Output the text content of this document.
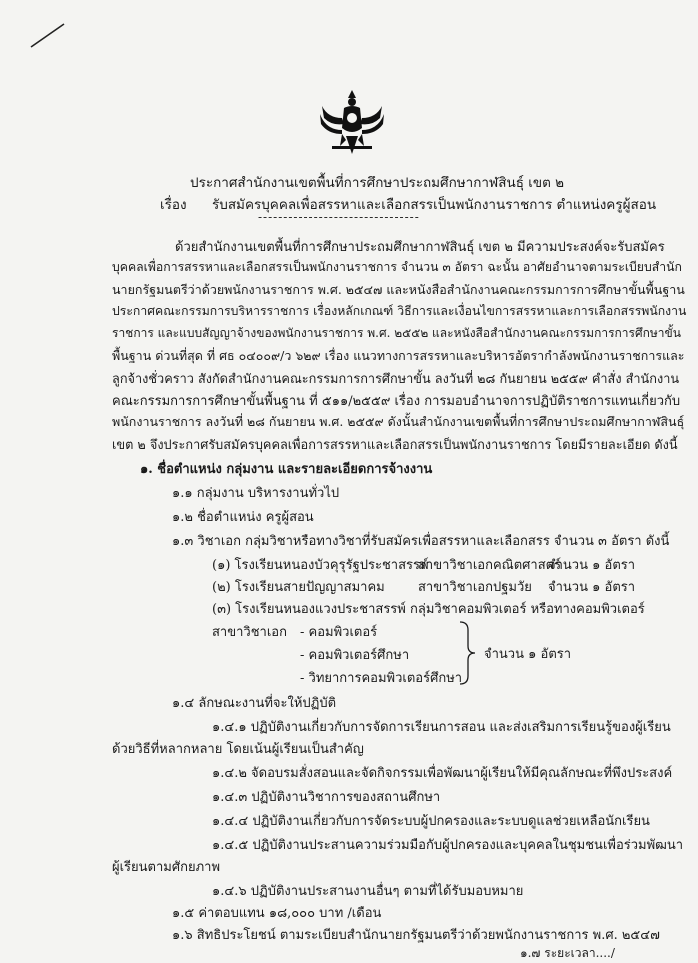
ประกาศสำนักงานเขตพื้นที่การศึกษาประถมศึกษากาฬสินธุ์ เขต ๒
เรื่อง รับสมัครบุคคลเพื่อสรรหาและเลือกสรรเป็นพนักงานราชการ ตำแหน่งครูผู้สอน
--------------------------------
ด้วยสำนักงานเขตพื้นที่การศึกษาประถมศึกษากาฬสินธุ์ เขต ๒ มีความประสงค์จะรับสมัคร
บุคคลเพื่อการสรรหาและเลือกสรรเป็นพนักงานราชการ จำนวน ๓ อัตรา ฉะนั้น อาศัยอำนาจตามระเบียบสำนัก
นายกรัฐมนตรีว่าด้วยพนักงานราชการ พ.ศ. ๒๕๔๗ และหนังสือสำนักงานคณะกรรมการการศึกษาขั้นพื้นฐาน
ประกาศคณะกรรมการบริหารราชการ เรื่องหลักเกณฑ์ วิธีการและเงื่อนไขการสรรหาและการเลือกสรรพนักงาน
ราชการ และแบบสัญญาจ้างของพนักงานราชการ พ.ศ. ๒๕๕๒ และหนังสือสำนักงานคณะกรรมการการศึกษาขั้น
พื้นฐาน ด่วนที่สุด ที่ ศธ ๐๔๐๐๙/ว ๖๒๙ เรื่อง แนวทางการสรรหาและบริหารอัตรากำลังพนักงานราชการและ
ลูกจ้างชั่วคราว สังกัดสำนักงานคณะกรรมการการศึกษาขั้น ลงวันที่ ๒๘ กันยายน ๒๕๕๙ คำสั่ง สำนักงาน
คณะกรรมการการศึกษาขั้นพื้นฐาน ที่ ๕๑๑/๒๕๕๙ เรื่อง การมอบอำนาจการปฏิบัติราชการแทนเกี่ยวกับ
พนักงานราชการ ลงวันที่ ๒๘ กันยายน พ.ศ. ๒๕๕๙ ดังนั้นสำนักงานเขตพื้นที่การศึกษาประถมศึกษากาฬสินธุ์
เขต ๒ จึงประกาศรับสมัครบุคคลเพื่อการสรรหาและเลือกสรรเป็นพนักงานราชการ โดยมีรายละเอียด ดังนี้
๑. ชื่อตำแหน่ง กลุ่มงาน และรายละเอียดการจ้างงาน
๑.๑ กลุ่มงาน บริหารงานทั่วไป
๑.๒ ชื่อตำแหน่ง ครูผู้สอน
๑.๓ วิชาเอก กลุ่มวิชาหรือทางวิชาที่รับสมัครเพื่อสรรหาและเลือกสรร จำนวน ๓ อัตรา ดังนี้
(๑) โรงเรียนหนองบัวคุรุรัฐประชาสรรพ์
สาขาวิชาเอกคณิตศาสตร์
จำนวน ๑ อัตรา
(๒) โรงเรียนสายปัญญาสมาคม	สาขาวิชาเอกปฐมวัย จำนวน ๑ อัตรา
(๓) โรงเรียนหนองแวงประชาสรรพ์ กลุ่มวิชาคอมพิวเตอร์ หรือทางคอมพิวเตอร์
สาขาวิชาเอก - คอมพิวเตอร์
- คอมพิวเตอร์ศึกษา
- วิทยาการคอมพิวเตอร์ศึกษา
จำนวน ๑ อัตรา
๑.๔ ลักษณะงานที่จะให้ปฏิบัติ
๑.๔.๑ ปฏิบัติงานเกี่ยวกับการจัดการเรียนการสอน และส่งเสริมการเรียนรู้ของผู้เรียน
ด้วยวิธีที่หลากหลาย โดยเน้นผู้เรียนเป็นสำคัญ
๑.๔.๒ จัดอบรมสั่งสอนและจัดกิจกรรมเพื่อพัฒนาผู้เรียนให้มีคุณลักษณะที่พึงประสงค์
๑.๔.๓ ปฏิบัติงานวิชาการของสถานศึกษา
๑.๔.๔ ปฏิบัติงานเกี่ยวกับการจัดระบบผู้ปกครองและระบบดูแลช่วยเหลือนักเรียน
๑.๔.๕ ปฏิบัติงานประสานความร่วมมือกับผู้ปกครองและบุคคลในชุมชนเพื่อร่วมพัฒนา
ผู้เรียนตามศักยภาพ
๑.๔.๖ ปฏิบัติงานประสานงานอื่นๆ ตามที่ได้รับมอบหมาย
๑.๕ ค่าตอบแทน ๑๘,๐๐๐ บาท /เดือน
๑.๖ สิทธิประโยชน์ ตามระเบียบสำนักนายกรัฐมนตรีว่าด้วยพนักงานราชการ พ.ศ. ๒๕๔๗
๑.๗ ระยะเวลา..../
